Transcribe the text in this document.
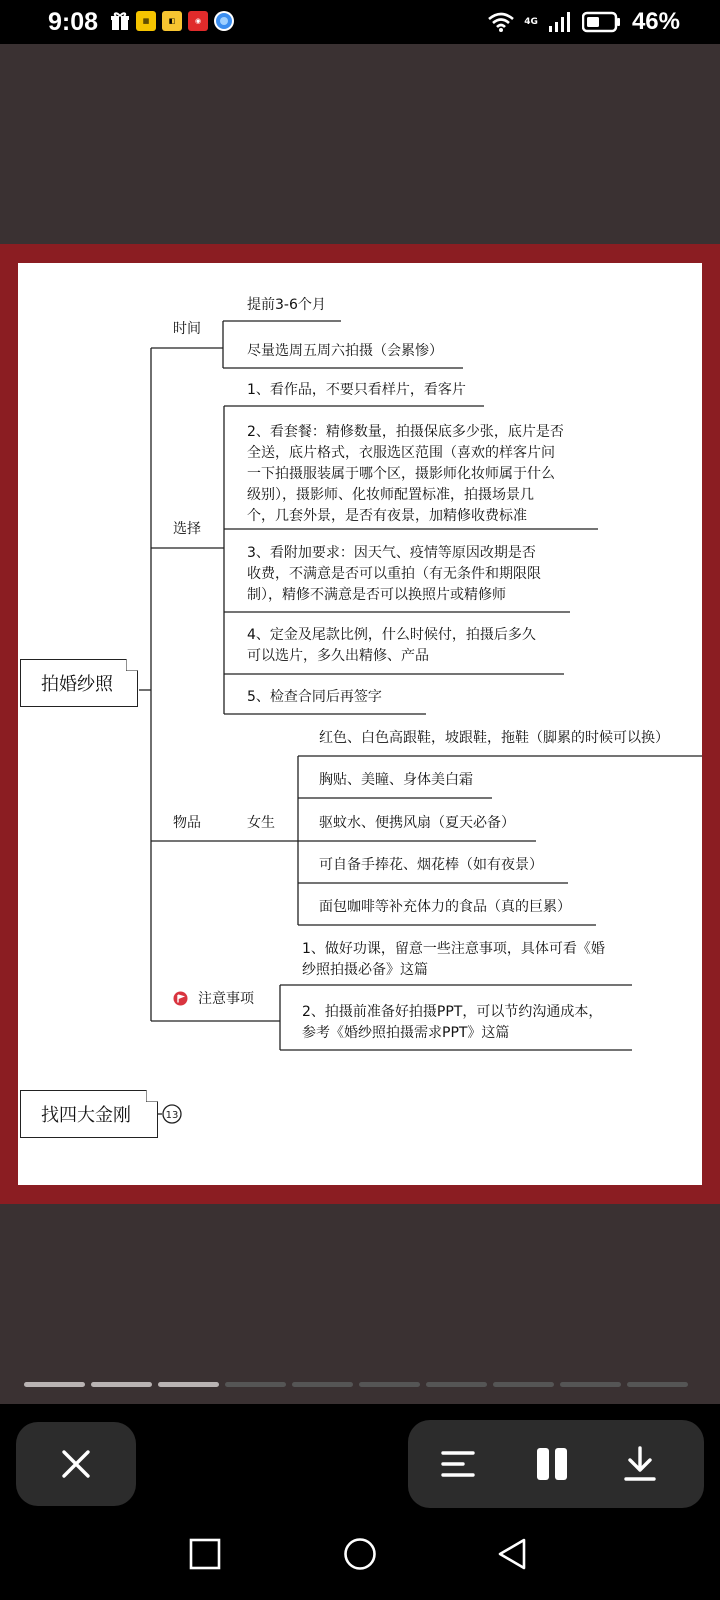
9:08	▦	◧	◉	4G	46%
13
拍婚纱照
找四大金刚
时间
提前3-6个月
尽量选周五周六拍摄（会累惨）
选择
1、看作品，不要只看样片，看客片
2、看套餐：精修数量，拍摄保底多少张，底片是否
全送，底片格式，衣服选区范围（喜欢的样客片问
一下拍摄服装属于哪个区，摄影师化妆师属于什么
级别），摄影师、化妆师配置标准，拍摄场景几
个，几套外景，是否有夜景，加精修收费标准
3、看附加要求：因天气、疫情等原因改期是否
收费，不满意是否可以重拍（有无条件和期限限
制），精修不满意是否可以换照片或精修师
4、定金及尾款比例，什么时候付，拍摄后多久
可以选片，多久出精修、产品
5、检查合同后再签字
物品	女生
红色、白色高跟鞋，坡跟鞋，拖鞋（脚累的时候可以换）
胸贴、美瞳、身体美白霜
驱蚊水、便携风扇（夏天必备）
可自备手捧花、烟花棒（如有夜景）
面包咖啡等补充体力的食品（真的巨累）
注意事项
1、做好功课，留意一些注意事项，具体可看《婚
纱照拍摄必备》这篇
2、拍摄前准备好拍摄PPT，可以节约沟通成本，
参考《婚纱照拍摄需求PPT》这篇
